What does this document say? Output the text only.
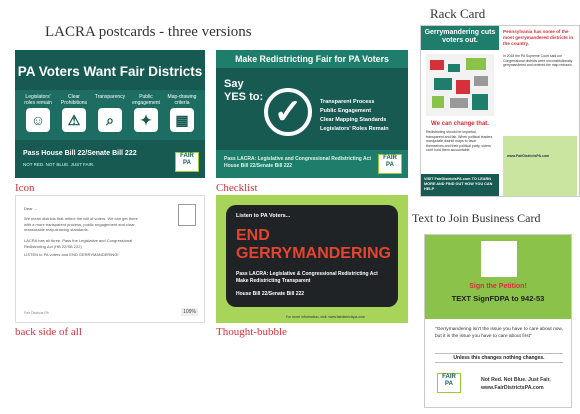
LACRA postcards - three versions
Rack Card
Text to Join Business Card
PA Voters Want Fair Districts
Legislators' roles remain
☺
Clear Prohibitions
⚠
Transparency
⌕
Public engagement
✦
Map-drawing criteria
▦
Pass House Bill 22/Senate Bill 222
NOT RED. NOT BLUE. JUST FAIR.
FAIR PA
Icon
Make Redistricting Fair for PA Voters
Say
YES to: ✓	Transparent Process
Public Engagement
Clear Mapping Standards
Legislators' Roles Remain
Pass LACRA: Legislative and Congressional Redistricting Act
House Bill 22/Senate Bill 222
FAIR PA
Checklist

Dear ...

We mean districts that reflect the will of voters. We can get there with a more transparent process, public engagement and clear, measurable map-drawing standards.

LACRA has all three. Pass the Legislative and Congressional Redistricting Act (HB 22/SB 222)

LISTEN to PA voters and END GERRYMANDERING!

Fair Districts PA	109%
back side of all
Listen to PA Voters...
END
GERRYMANDERING
Pass LACRA: Legislative & Congressional Redistricting Act
Make Redistricting Transparent
House Bill 22/Senate Bill 222
For more information, visit: www.fairdistrictspa.com
Thought-bubble
Gerrymandering cuts voters out.
We can change that.
Redistricting should be impartial, transparent and fair. When political leaders manipulate district maps to favor themselves and their political party, voters can't hold them accountable.
VISIT FairDistrictsPA.com TO LEARN MORE AND FIND OUT HOW YOU CAN HELP
Pennsylvania has some of the most gerrymandered districts in the country.
In 2018 the PA Supreme Court said our Congressional districts were unconstitutionally gerrymandered and ordered the map redrawn.
www.FairDistrictsPA.com
Sign the Petition!
TEXT SignFDPA to 942-53
"Gerrymandering isn't the issue you have to care about now, but it is the issue you have to care about first"
Unless this changes nothing changes.
FAIR PA
Not Red. Not Blue. Just Fair.
www.FairDistrictsPA.com
